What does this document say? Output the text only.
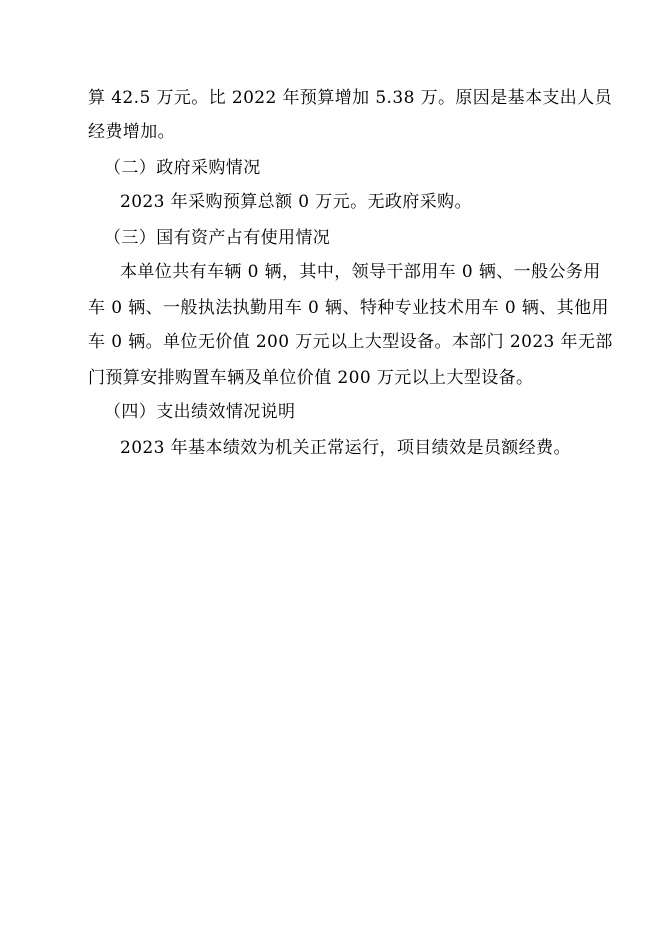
算 42.5 万元。比 2022 年预算增加 5.38 万。原因是基本支出人员
经费增加。
（二）政府采购情况
2023 年采购预算总额 0 万元。无政府采购。
（三）国有资产占有使用情况
本单位共有车辆 0 辆，其中，领导干部用车 0 辆、一般公务用
车 0 辆、一般执法执勤用车 0 辆、特种专业技术用车 0 辆、其他用
车 0 辆。单位无价值 200 万元以上大型设备。本部门 2023 年无部
门预算安排购置车辆及单位价值 200 万元以上大型设备。
（四）支出绩效情况说明
2023 年基本绩效为机关正常运行，项目绩效是员额经费。
